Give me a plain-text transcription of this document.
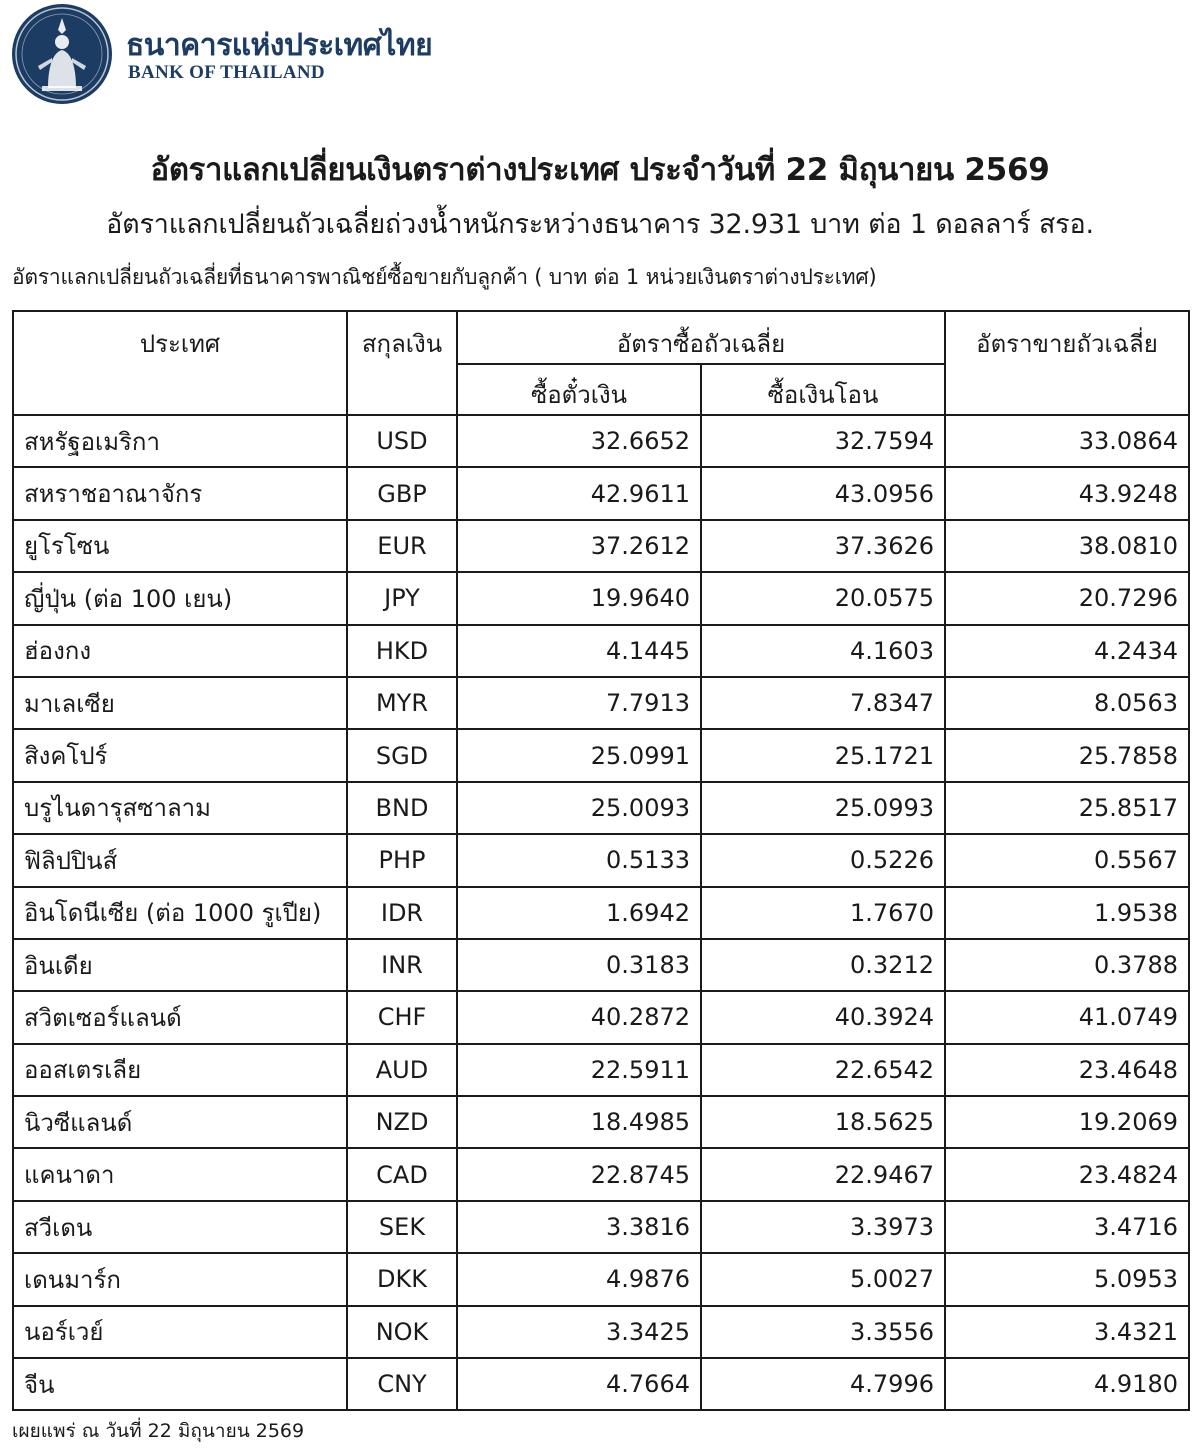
ธนาคารแห่งประเทศไทย
BANK OF THAILAND
อัตราแลกเปลี่ยนเงินตราต่างประเทศ ประจำวันที่ 22 มิถุนายน 2569
อัตราแลกเปลี่ยนถัวเฉลี่ยถ่วงน้ำหนักระหว่างธนาคาร 32.931 บาท ต่อ 1 ดอลลาร์ สรอ.
อัตราแลกเปลี่ยนถัวเฉลี่ยที่ธนาคารพาณิชย์ซื้อขายกับลูกค้า ( บาท ต่อ 1 หน่วยเงินตราต่างประเทศ)
ประเทศ	สกุลเงิน	อัตราซื้อถัวเฉลี่ย		อัตราขายถัวเฉลี่ย
		ซื้อตั๋วเงิน	ซื้อเงินโอน	
สหรัฐอเมริกา	USD	32.6652	32.7594	33.0864
สหราชอาณาจักร	GBP	42.9611	43.0956	43.9248
ยูโรโซน	EUR	37.2612	37.3626	38.0810
ญี่ปุ่น (ต่อ 100 เยน)	JPY	19.9640	20.0575	20.7296
ฮ่องกง	HKD	4.1445	4.1603	4.2434
มาเลเซีย	MYR	7.7913	7.8347	8.0563
สิงคโปร์	SGD	25.0991	25.1721	25.7858
บรูไนดารุสซาลาม	BND	25.0093	25.0993	25.8517
ฟิลิปปินส์	PHP	0.5133	0.5226	0.5567
อินโดนีเซีย (ต่อ 1000 รูเปีย)	IDR	1.6942	1.7670	1.9538
อินเดีย	INR	0.3183	0.3212	0.3788
สวิตเซอร์แลนด์	CHF	40.2872	40.3924	41.0749
ออสเตรเลีย	AUD	22.5911	22.6542	23.4648
นิวซีแลนด์	NZD	18.4985	18.5625	19.2069
แคนาดา	CAD	22.8745	22.9467	23.4824
สวีเดน	SEK	3.3816	3.3973	3.4716
เดนมาร์ก	DKK	4.9876	5.0027	5.0953
นอร์เวย์	NOK	3.3425	3.3556	3.4321
จีน	CNY	4.7664	4.7996	4.9180
เผยแพร่ ณ วันที่ 22 มิถุนายน 2569
